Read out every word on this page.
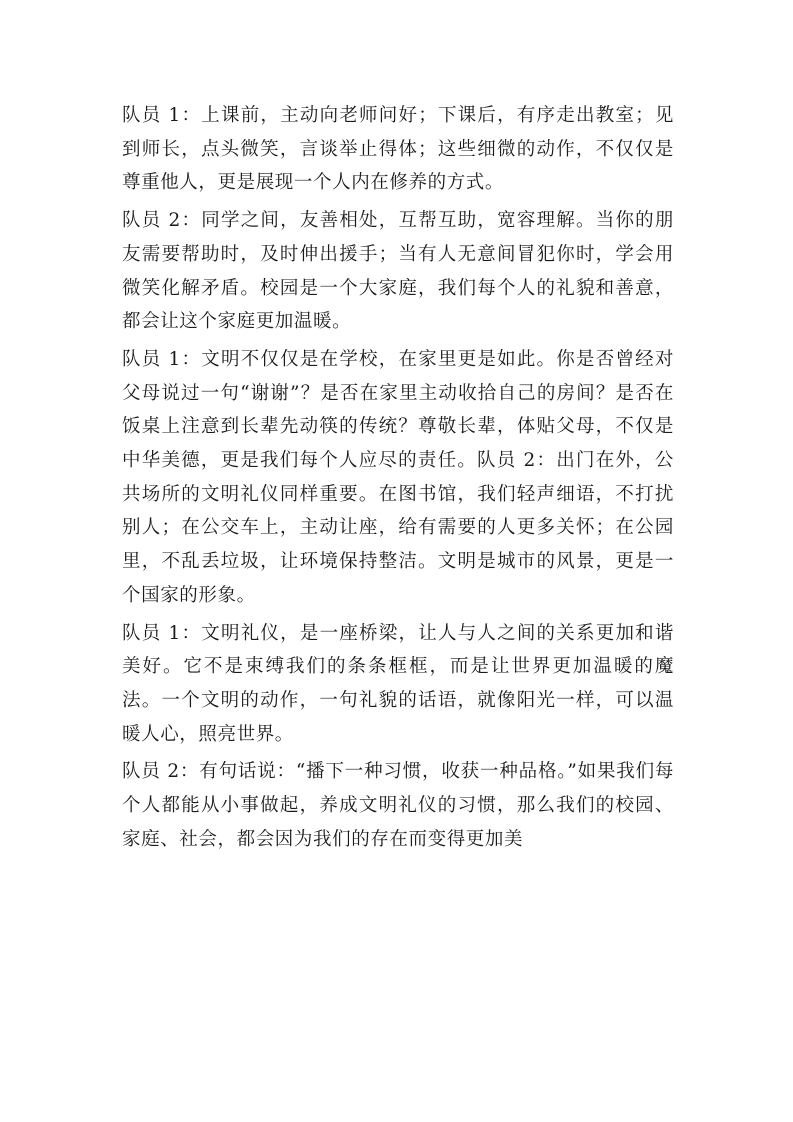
队员 1：上课前，主动向老师问好；下课后，有序走出教室；见到师长，点头微笑，言谈举止得体；这些细微的动作，不仅仅是尊重他人，更是展现一个人内在修养的方式。

队员 2：同学之间，友善相处，互帮互助，宽容理解。当你的朋友需要帮助时，及时伸出援手；当有人无意间冒犯你时，学会用微笑化解矛盾。校园是一个大家庭，我们每个人的礼貌和善意，都会让这个家庭更加温暖。

队员 1：文明不仅仅是在学校，在家里更是如此。你是否曾经对父母说过一句“谢谢”？是否在家里主动收拾自己的房间？是否在饭桌上注意到长辈先动筷的传统？尊敬长辈，体贴父母，不仅是中华美德，更是我们每个人应尽的责任。队员 2：出门在外，公共场所的文明礼仪同样重要。在图书馆，我们轻声细语，不打扰别人；在公交车上，主动让座，给有需要的人更多关怀；在公园里，不乱丢垃圾，让环境保持整洁。文明是城市的风景，更是一个国家的形象。

队员 1：文明礼仪，是一座桥梁，让人与人之间的关系更加和谐美好。它不是束缚我们的条条框框，而是让世界更加温暖的魔法。一个文明的动作，一句礼貌的话语，就像阳光一样，可以温暖人心，照亮世界。

队员 2：有句话说：“播下一种习惯，收获一种品格。”如果我们每个人都能从小事做起，养成文明礼仪的习惯，那么我们的校园、家庭、社会，都会因为我们的存在而变得更加美
